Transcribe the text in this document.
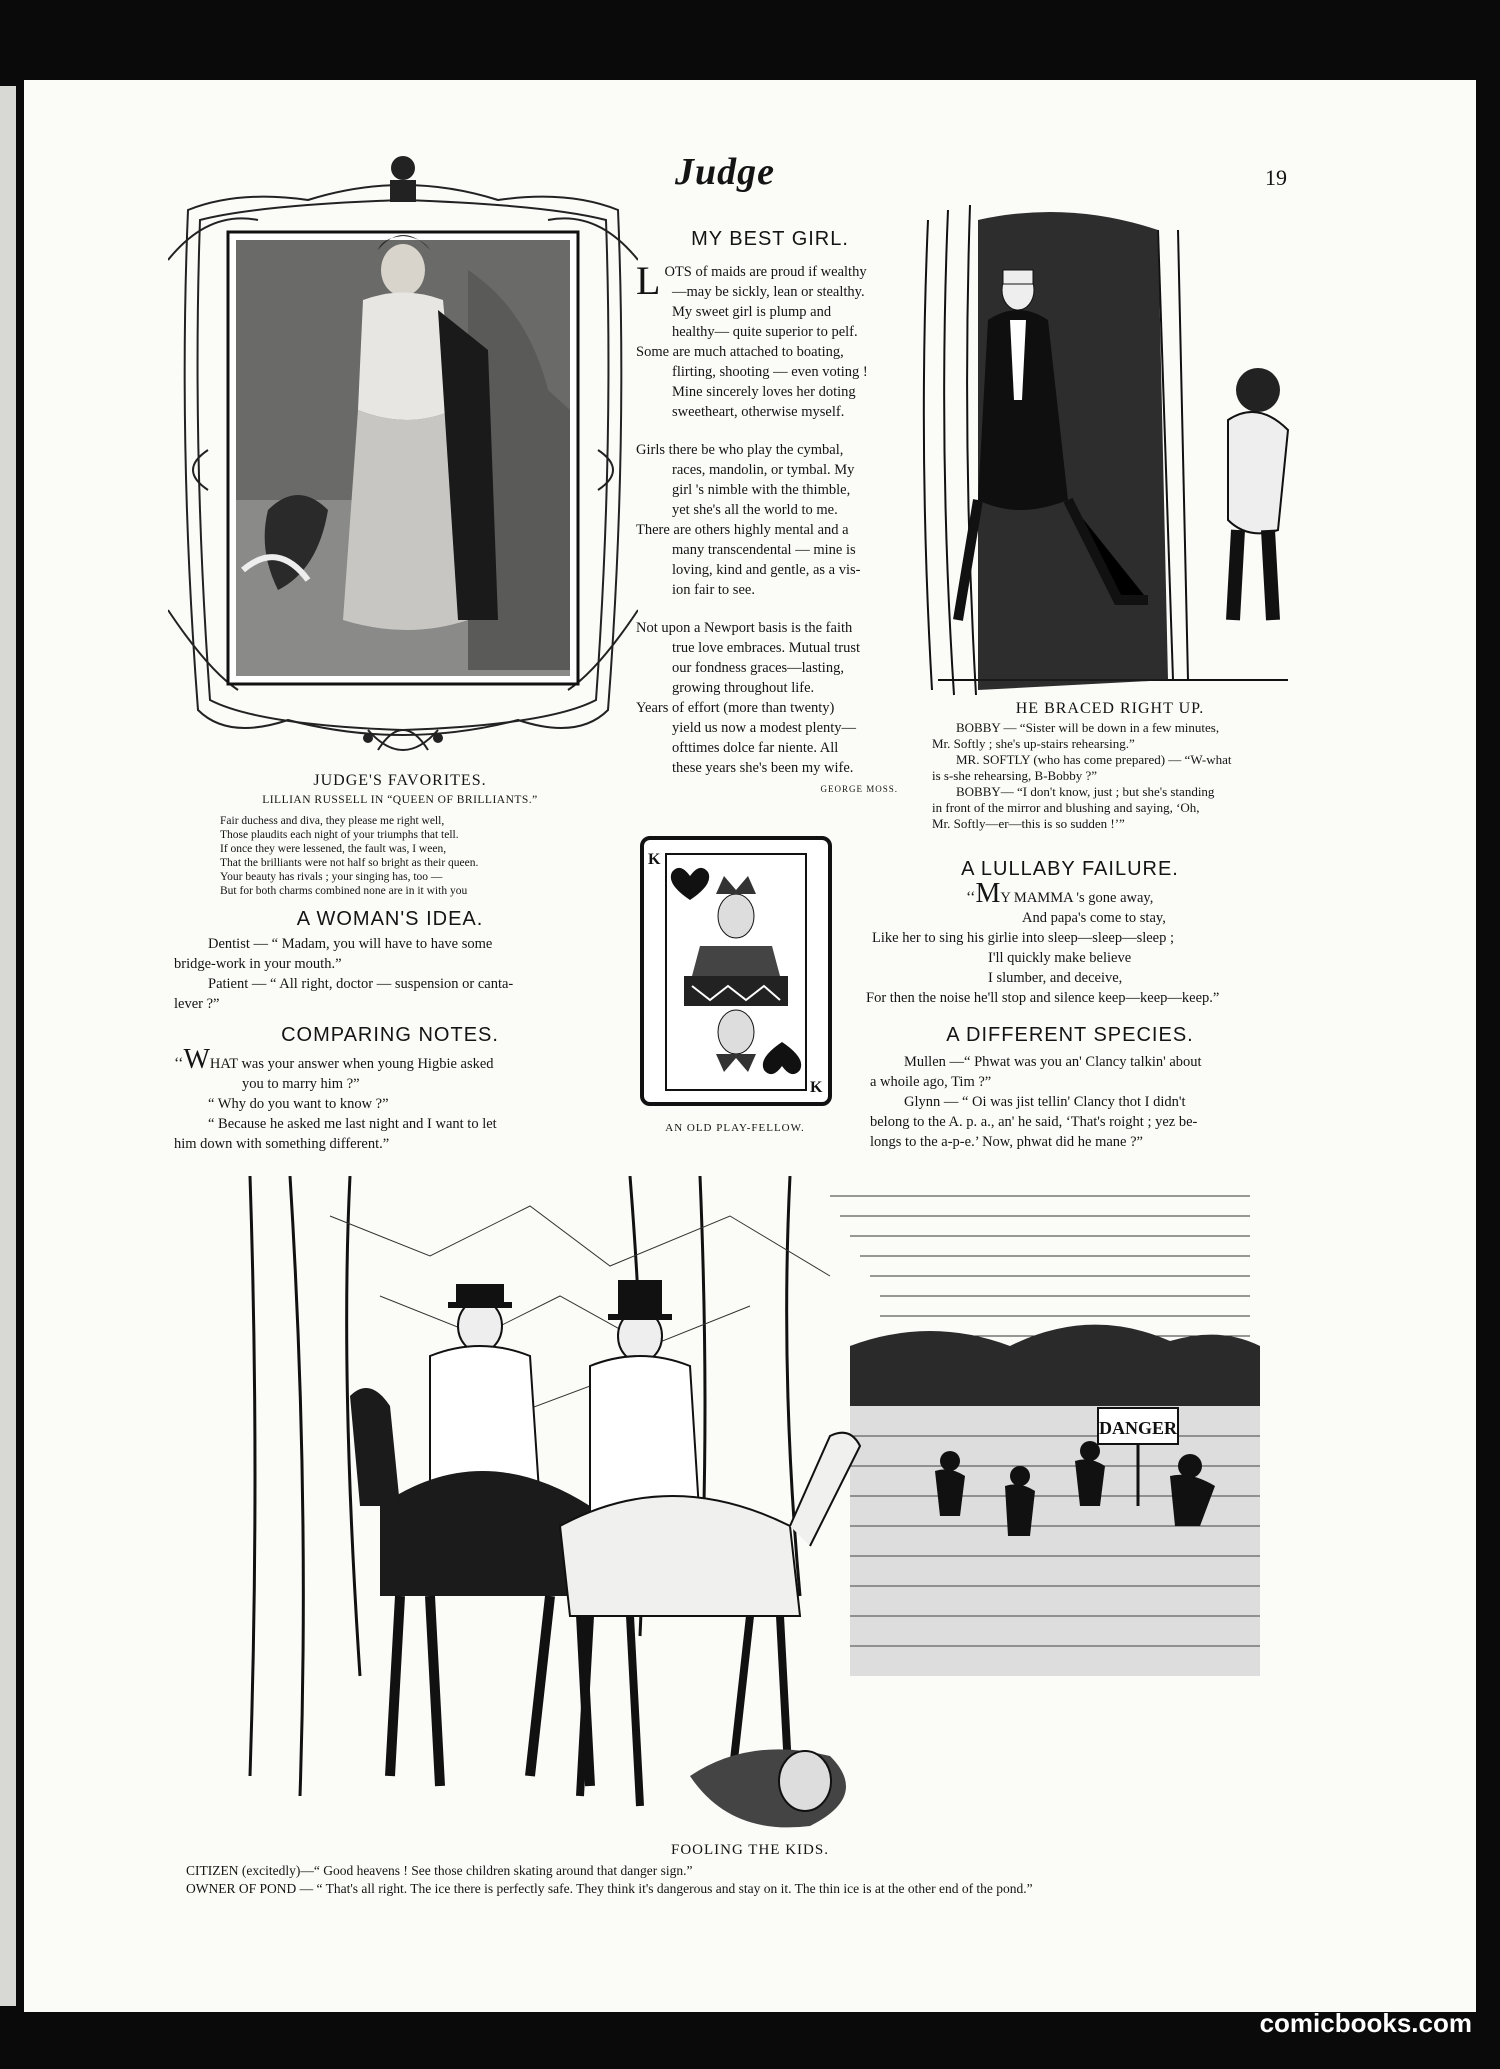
Judge	19
JUDGE'S FAVORITES.
LILLIAN RUSSELL IN “QUEEN OF BRILLIANTS.”
Fair duchess and diva, they please me right well,
Those plaudits each night of your triumphs that tell.
If once they were lessened, the fault was, I ween,
That the brilliants were not half so bright as their queen.
Your beauty has rivals ; your singing has, too —
But for both charms combined none are in it with you
MY BEST GIRL.

LOTS of maids are proud if wealthy

—may be sickly, lean or stealthy.

My sweet girl is plump and

healthy— quite superior to pelf.

Some are much attached to boating,

flirting, shooting — even voting !

Mine sincerely loves her doting

sweetheart, otherwise myself.

Girls there be who play the cymbal,

races, mandolin, or tymbal. My

girl 's nimble with the thimble,

yet she's all the world to me.

There are others highly mental and a

many transcendental — mine is

loving, kind and gentle, as a vis-

ion fair to see.

Not upon a Newport basis is the faith

true love embraces. Mutual trust

our fondness graces—lasting,

growing throughout life.

Years of effort (more than twenty)

yield us now a modest plenty—

ofttimes dolce far niente. All

these years she's been my wife.

GEORGE MOSS.
HE BRACED RIGHT UP.
BOBBY — “Sister will be down in a few minutes,
Mr. Softly ; she's up-stairs rehearsing.”
MR. SOFTLY (who has come prepared) — “W-what
is s-she rehearsing, B-Bobby ?”
BOBBY— “I don't know, just ; but she's standing
in front of the mirror and blushing and saying, ‘Oh,
Mr. Softly—er—this is so sudden !’”
A WOMAN'S IDEA.

Dentist — “ Madam, you will have to have some

bridge-work in your mouth.”

Patient — “ All right, doctor — suspension or canta-

lever ?”

COMPARING NOTES.

‘‘WHAT was your answer when young Higbie asked

you to marry him ?”

“ Why do you want to know ?”

“ Because he asked me last night and I want to let

him down with something different.”

K
K
AN OLD PLAY-FELLOW.
A LULLABY FAILURE.

‘‘MY MAMMA 's gone away,

And papa's come to stay,

Like her to sing his girlie into sleep—sleep—sleep ;

I'll quickly make believe

I slumber, and deceive,

For then the noise he'll stop and silence keep—keep—keep.”

A DIFFERENT SPECIES.

Mullen —“ Phwat was you an' Clancy talkin' about

a whoile ago, Tim ?”

Glynn — “ Oi was jist tellin' Clancy thot I didn't

belong to the A. p. a., an' he said, ‘That's roight ; yez be-

longs to the a-p-e.’ Now, phwat did he mane ?”

DANGER
FOOLING THE KIDS.
CITIZEN (excitedly)—“ Good heavens ! See those children skating around that danger sign.”
OWNER OF POND — “ That's all right. The ice there is perfectly safe. They think it's dangerous and stay on it. The thin ice is at the other end of the pond.”
comicbooks.com
